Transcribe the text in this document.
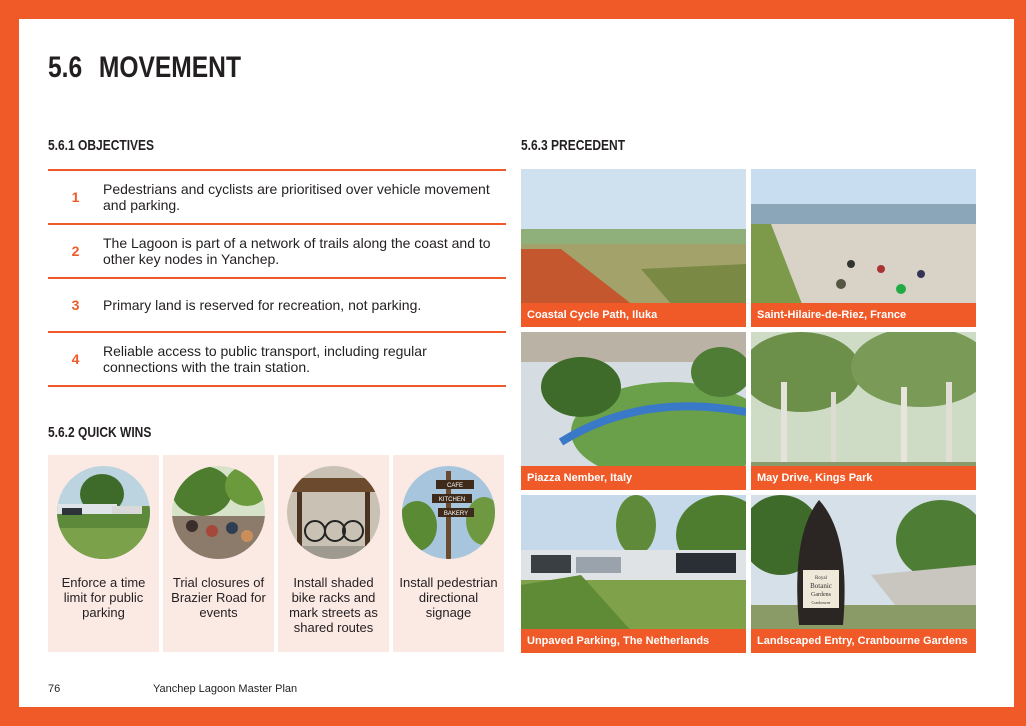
5.6 MOVEMENT
5.6.1 OBJECTIVES
1	Pedestrians and cyclists are prioritised over vehicle movement and parking.
2	The Lagoon is part of a network of trails along the coast and to other key nodes in Yanchep.
3	Primary land is reserved for recreation, not parking.
4	Reliable access to public transport, including regular connections with the train station.
5.6.2 QUICK WINS
Enforce a time limit for public parking
Trial closures of Brazier Road for events
Install shaded bike racks and mark streets as shared routes
CAFE
KITCHEN
BAKERY
Install pedestrian directional signage
5.6.3 PRECEDENT
Coastal Cycle Path, Iluka	Saint-Hilaire-de-Riez, France
Piazza Nember, Italy	May Drive, Kings Park
Unpaved Parking, The Netherlands
Royal
Botanic
Gardens
Cranbourne
Landscaped Entry, Cranbourne Gardens
76	Yanchep Lagoon Master Plan
